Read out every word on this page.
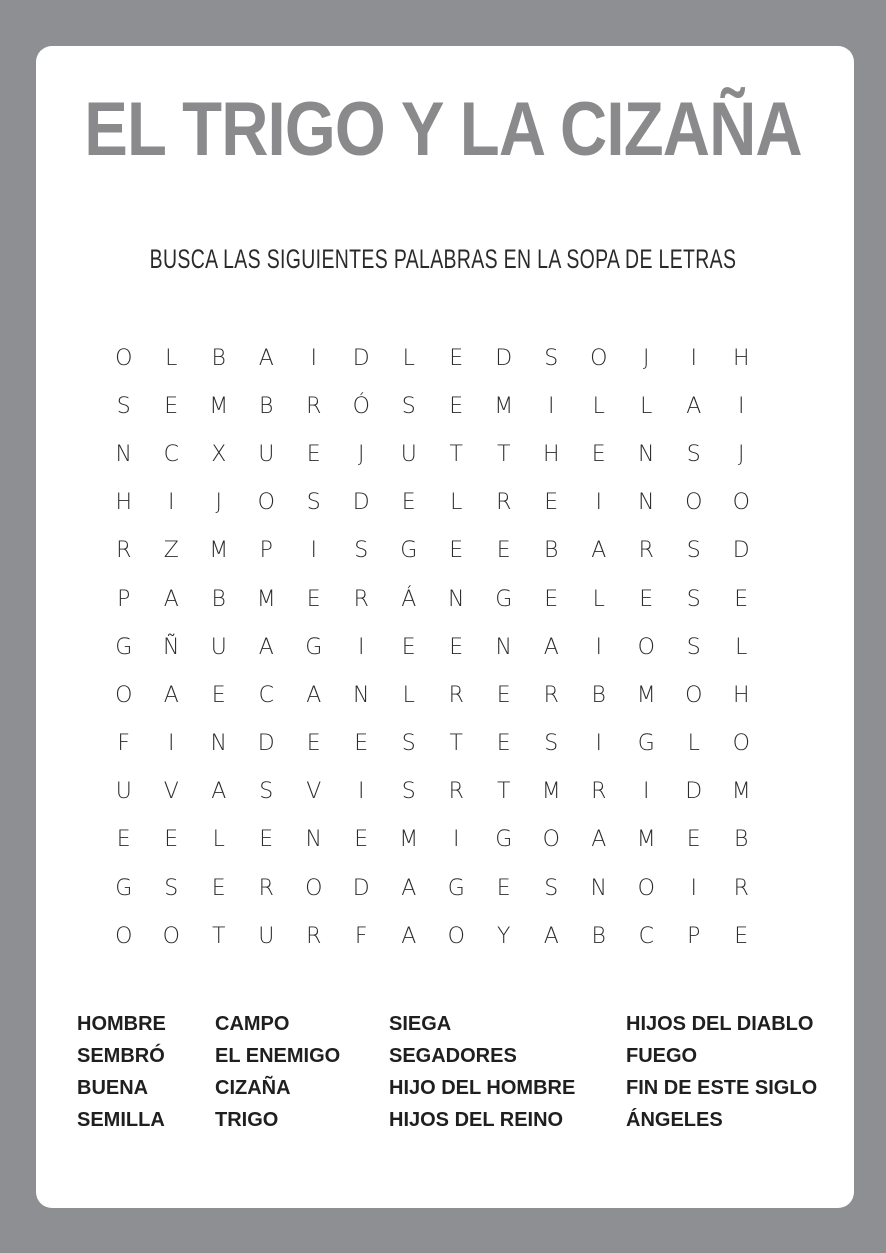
EL TRIGO Y LA CIZAÑA
BUSCA LAS SIGUIENTES PALABRAS EN LA SOPA DE LETRAS
O	L	B	A	I	D	L	E	D	S	O	J	I	H
S	E	M	B	R	Ó	S	E	M	I	L	L	A	I
N	C	X	U	E	J	U	T	T	H	E	N	S	J
H	I	J	O	S	D	E	L	R	E	I	N	O	O
R	Z	M	P	I	S	G	E	E	B	A	R	S	D
P	A	B	M	E	R	Á	N	G	E	L	E	S	E
G	Ñ	U	A	G	I	E	E	N	A	I	O	S	L
O	A	E	C	A	N	L	R	E	R	B	M	O	H
F	I	N	D	E	E	S	T	E	S	I	G	L	O
U	V	A	S	V	I	S	R	T	M	R	I	D	M
E	E	L	E	N	E	M	I	G	O	A	M	E	B
G	S	E	R	O	D	A	G	E	S	N	O	I	R
O	O	T	U	R	F	A	O	Y	A	B	C	P	E
HOMBRE
SEMBRÓ
BUENA
SEMILLA
CAMPO
EL ENEMIGO
CIZAÑA
TRIGO
SIEGA
SEGADORES
HIJO DEL HOMBRE
HIJOS DEL REINO
HIJOS DEL DIABLO
FUEGO
FIN DE ESTE SIGLO
ÁNGELES
